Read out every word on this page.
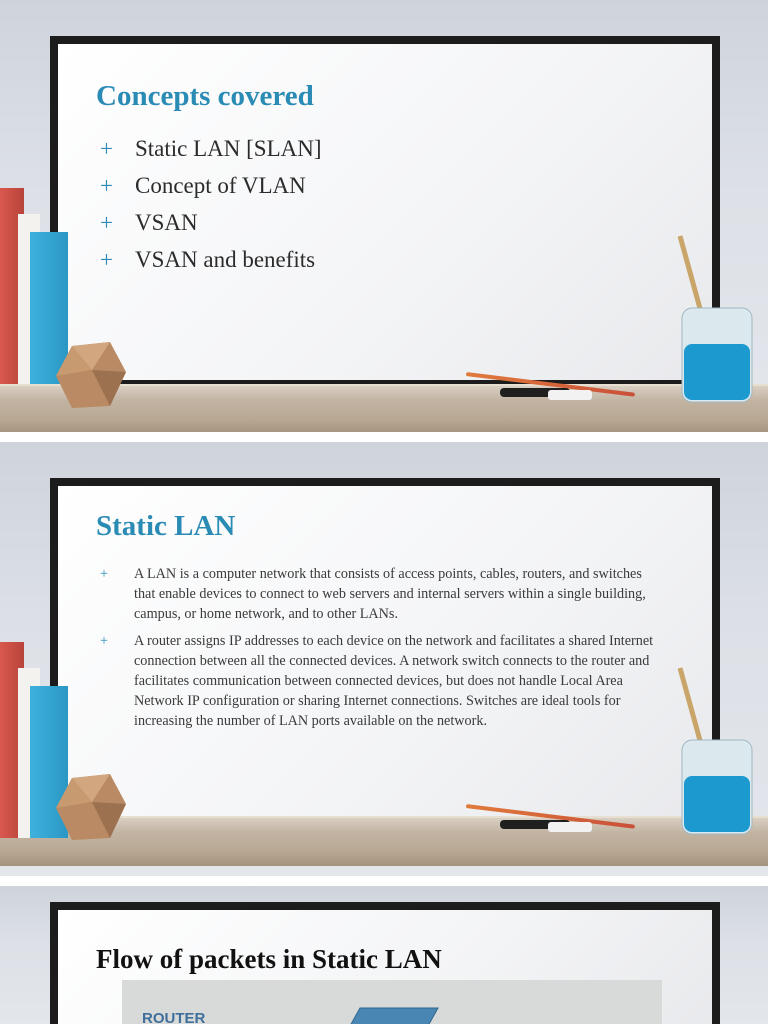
Concepts covered
+ Static LAN [SLAN]
+ Concept of VLAN
+ VSAN
+ VSAN and benefits
Static LAN
+	A LAN is a computer network that consists of access points, cables, routers, and switches that enable devices to connect to web servers and internal servers within a single building, campus, or home network, and to other LANs.
+	A router assigns IP addresses to each device on the network and facilitates a shared Internet connection between all the connected devices. A network switch connects to the router and facilitates communication between connected devices, but does not handle Local Area Network IP configuration or sharing Internet connections. Switches are ideal tools for increasing the number of LAN ports available on the network.
Flow of packets in Static LAN
ROUTER
